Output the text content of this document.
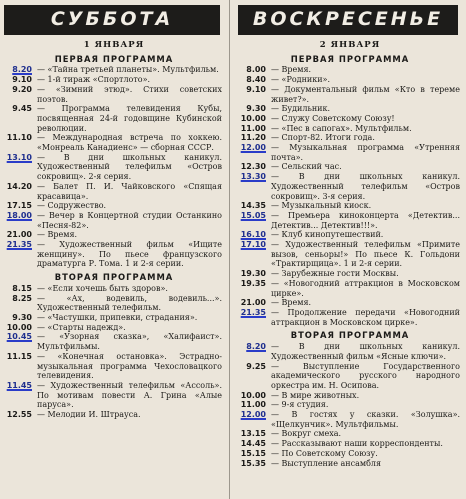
СУББОТА
1 ЯНВАРЯ
ПЕРВАЯ ПРОГРАММА
8.20 — «Тайна третьей планеты». Мультфильм.
9.10 — 1-й тираж «Спортлото».
9.20 — «Зимний этюд». Стихи советских поэтов.
9.45 — Программа телевидения Кубы, посвященная 24-й годовщине Кубинской революции.
11.10 — Международная встреча по хоккею. «Монреаль Канадиенс» — сборная СССР.
13.10 — В дни школьных каникул. Художественный телефильм «Остров сокровищ». 2-я серия.
14.20 — Балет П. И. Чайковского «Спящая красавица».
17.15 — Содружество.
18.00 — Вечер в Концертной студии Останкино «Песня-82».
21.00 — Время.
21.35 — Художественный фильм «Ищите женщину». По пьесе французского драматурга Р. Тома. 1 и 2-я серии.
ВТОРАЯ ПРОГРАММА
8.15 — «Если хочешь быть здоров».
8.25 — «Ах, водевиль, водевиль...». Художественный телефильм.
9.30 — «Частушки, припевки, страдания».
10.00 — «Старты надежд».
10.45 — «Узорная сказка», «Халифаист». Мультфильмы.
11.15 — «Конечная остановка». Эстрадно-музыкальная программа Чехословацкого телевидения.
11.45 — Художественный телефильм «Ассоль». По мотивам повести А. Грина «Алые паруса».
12.55 — Мелодии И. Штрауса.
ВОСКРЕСЕНЬЕ
2 ЯНВАРЯ
ПЕРВАЯ ПРОГРАММА
8.00 — Время.
8.40 — «Родники».
9.10 — Документальный фильм «Кто в тереме живет?».
9.30 — Будильник.
10.00 — Служу Советскому Союзу!
11.00 — «Пес в сапогах». Мультфильм.
11.20 — Спорт-82. Итоги года.
12.00 — Музыкальная программа «Утренняя почта».
12.30 — Сельский час.
13.30 — В дни школьных каникул. Художественный телефильм «Остров сокровищ». 3-я серия.
14.35 — Музыкальный киоск.
15.05 — Премьера киноконцерта «Детектив... Детектив... Детектив!!!».
16.10 — Клуб кинопутешествий.
17.10 — Художественный телефильм «Примите вызов, сеньоры!» По пьесе К. Гольдони «Трактирщица». 1 и 2-я серии.
19.30 — Зарубежные гости Москвы.
19.35 — «Новогодний аттракцион в Московском цирке».
21.00 — Время.
21.35 — Продолжение передачи «Новогодний аттракцион в Московском цирке».
ВТОРАЯ ПРОГРАММА
8.20 — В дни школьных каникул. Художественный фильм «Ясные ключи».
9.25 — Выступление Государственного академического русского народного оркестра им. Н. Осипова.
10.00 — В мире животных.
11.00 — 9-я студия.
12.00 — В гостях у сказки. «Золушка». «Щелкунчик». Мультфильмы.
13.15 — Вокруг смеха.
14.45 — Рассказывают наши корреспонденты.
15.15 — По Советскому Союзу.
15.35 — Выступление ансамбля
